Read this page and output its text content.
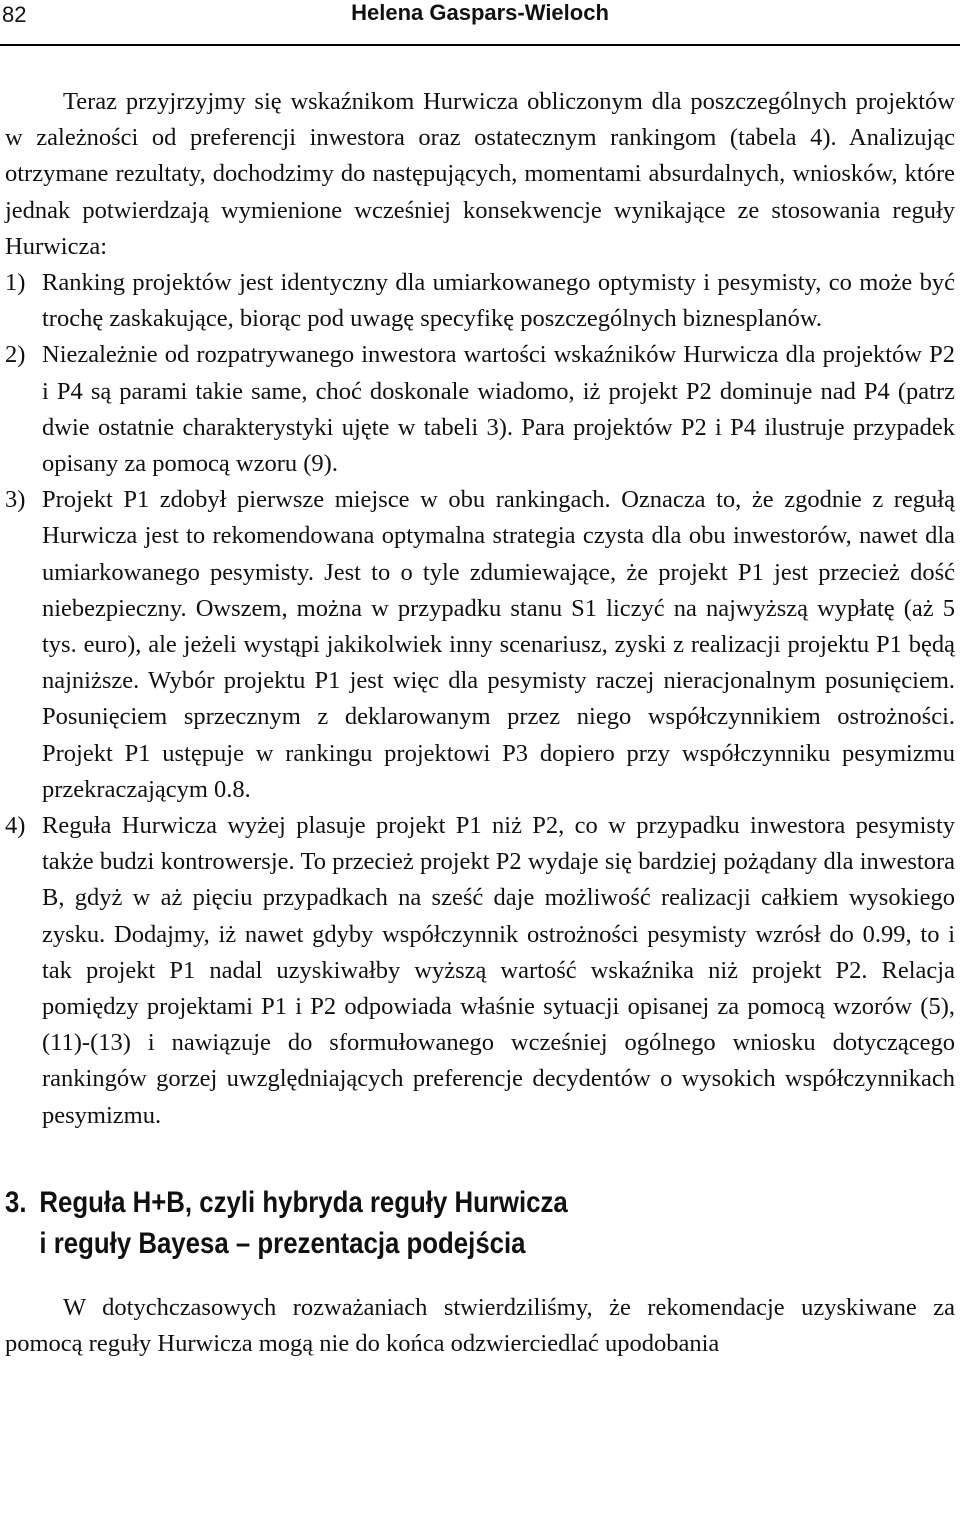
82	Helena Gaspars-Wieloch

Teraz przyjrzyjmy się wskaźnikom Hurwicza obliczonym dla poszczególnych projektów w zależności od preferencji inwestora oraz ostatecznym rankingom (tabela 4). Analizując otrzymane rezultaty, dochodzimy do następujących, momentami absurdalnych, wniosków, które jednak potwierdzają wymienione wcześniej konsekwencje wynikające ze stosowania reguły Hurwicza:

1) Ranking projektów jest identyczny dla umiarkowanego optymisty i pesymisty, co może być trochę zaskakujące, biorąc pod uwagę specyfikę poszczególnych biznesplanów.
2) Niezależnie od rozpatrywanego inwestora wartości wskaźników Hurwicza dla projektów P2 i P4 są parami takie same, choć doskonale wiadomo, iż projekt P2 dominuje nad P4 (patrz dwie ostatnie charakterystyki ujęte w tabeli 3). Para projektów P2 i P4 ilustruje przypadek opisany za pomocą wzoru (9).
3) Projekt P1 zdobył pierwsze miejsce w obu rankingach. Oznacza to, że zgodnie z regułą Hurwicza jest to rekomendowana optymalna strategia czysta dla obu inwestorów, nawet dla umiarkowanego pesymisty. Jest to o tyle zdumiewające, że projekt P1 jest przecież dość niebezpieczny. Owszem, można w przypadku stanu S1 liczyć na najwyższą wypłatę (aż 5 tys. euro), ale jeżeli wystąpi jakikolwiek inny scenariusz, zyski z realizacji projektu P1 będą najniższe. Wybór projektu P1 jest więc dla pesymisty raczej nieracjonalnym posunięciem. Posunięciem sprzecznym z deklarowanym przez niego współczynnikiem ostrożności. Projekt P1 ustępuje w rankingu projektowi P3 dopiero przy współczynniku pesymizmu przekraczającym 0.8.
4) Reguła Hurwicza wyżej plasuje projekt P1 niż P2, co w przypadku inwestora pesymisty także budzi kontrowersje. To przecież projekt P2 wydaje się bardziej pożądany dla inwestora B, gdyż w aż pięciu przypadkach na sześć daje możliwość realizacji całkiem wysokiego zysku. Dodajmy, iż nawet gdyby współczynnik ostrożności pesymisty wzrósł do 0.99, to i tak projekt P1 nadal uzyskiwałby wyższą wartość wskaźnika niż projekt P2. Relacja pomiędzy projektami P1 i P2 odpowiada właśnie sytuacji opisanej za pomocą wzorów (5), (11)-(13) i nawiązuje do sformułowanego wcześniej ogólnego wniosku dotyczącego rankingów gorzej uwzględniających preferencje decydentów o wysokich współczynnikach pesymizmu.
3. Reguła H+B, czyli hybryda reguły Hurwicza
i reguły Bayesa – prezentacja podejścia

W dotychczasowych rozważaniach stwierdziliśmy, że rekomendacje uzyskiwane za pomocą reguły Hurwicza mogą nie do końca odzwierciedlać upodobania
